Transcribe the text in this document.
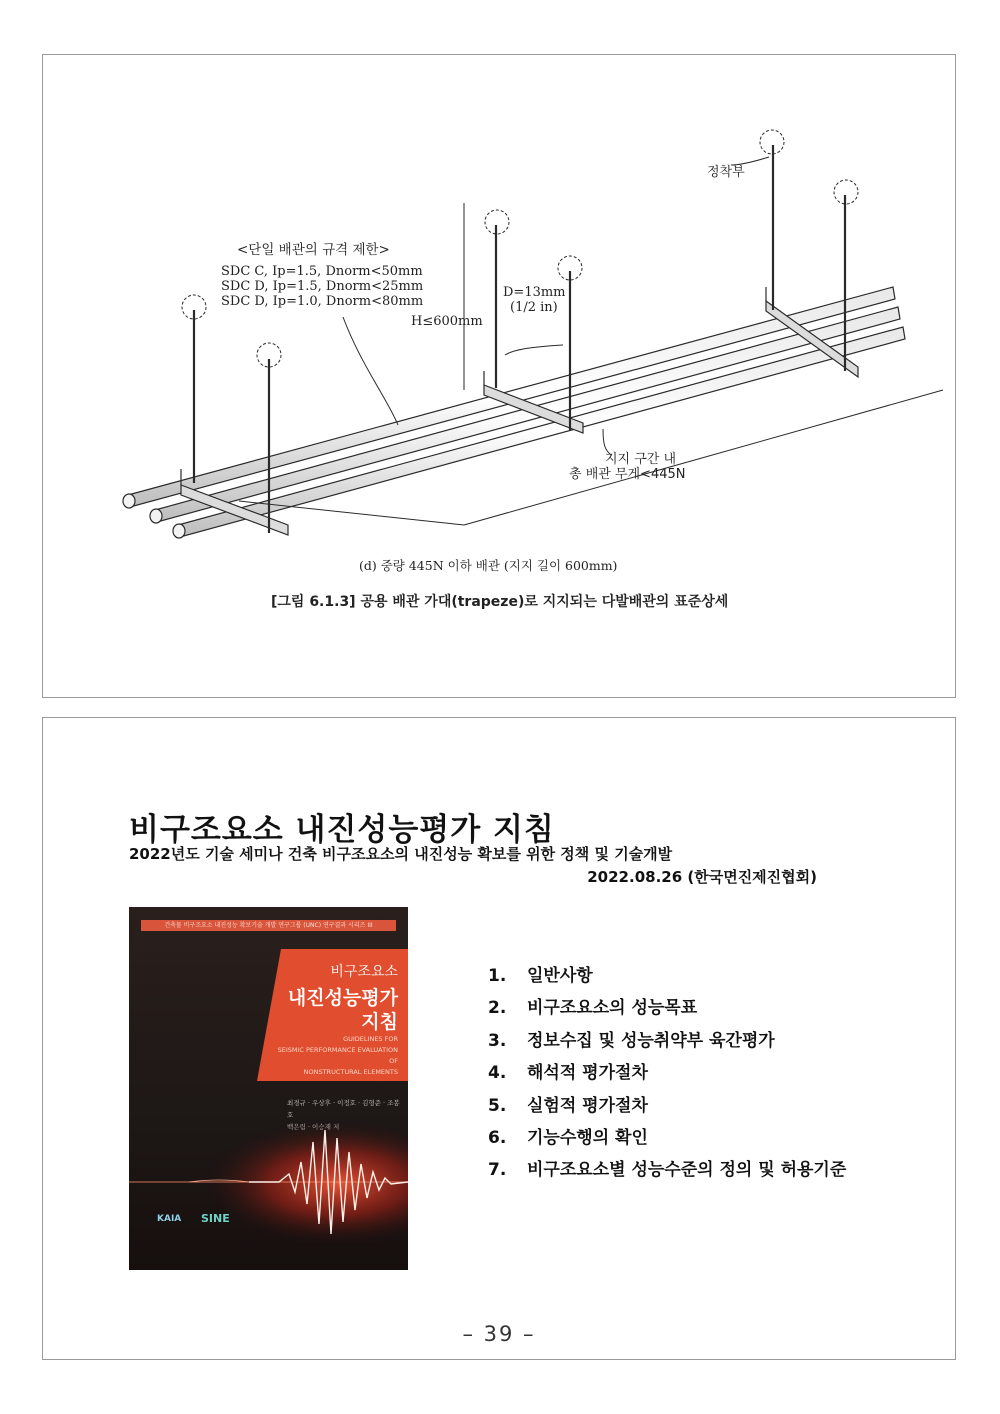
정착부
<단일 배관의 규격 제한>
SDC C, Ip=1.5, Dnorm<50mm
SDC D, Ip=1.5, Dnorm<25mm
SDC D, Ip=1.0, Dnorm<80mm
D=13mm
(1/2 in)
H≤600mm
지지 구간 내
총 배관 무게<445N
(d) 중량 445N 이하 배관 (지지 길이 600mm)
[그림 6.1.3] 공용 배관 가대(trapeze)로 지지되는 다발배관의 표준상세
비구조요소 내진성능평가 지침
2022년도 기술 세미나 건축 비구조요소의 내진성능 확보를 위한 정책 및 기술개발
2022.08.26 (한국면진제진협회)
건축물 비구조요소 내진성능 확보기술 개발 연구그룹 (UNC) 연구결과 시리즈 III
비구조요소
내진성능평가
지침
GUIDELINES FOR
SEISMIC PERFORMANCE EVALUATION OF
NONSTRUCTURAL ELEMENTS
최경규 · 우상후 · 이정호 · 김형준 · 조봉
KAIA SINE
1. 일반사항
2. 비구조요소의 성능목표
3. 정보수집 및 성능취약부 육간평가
4. 해석적 평가절차
5. 실험적 평가절차
6. 기능수행의 확인
7. 비구조요소별 성능수준의 정의 및 허용기준
– 39 –
